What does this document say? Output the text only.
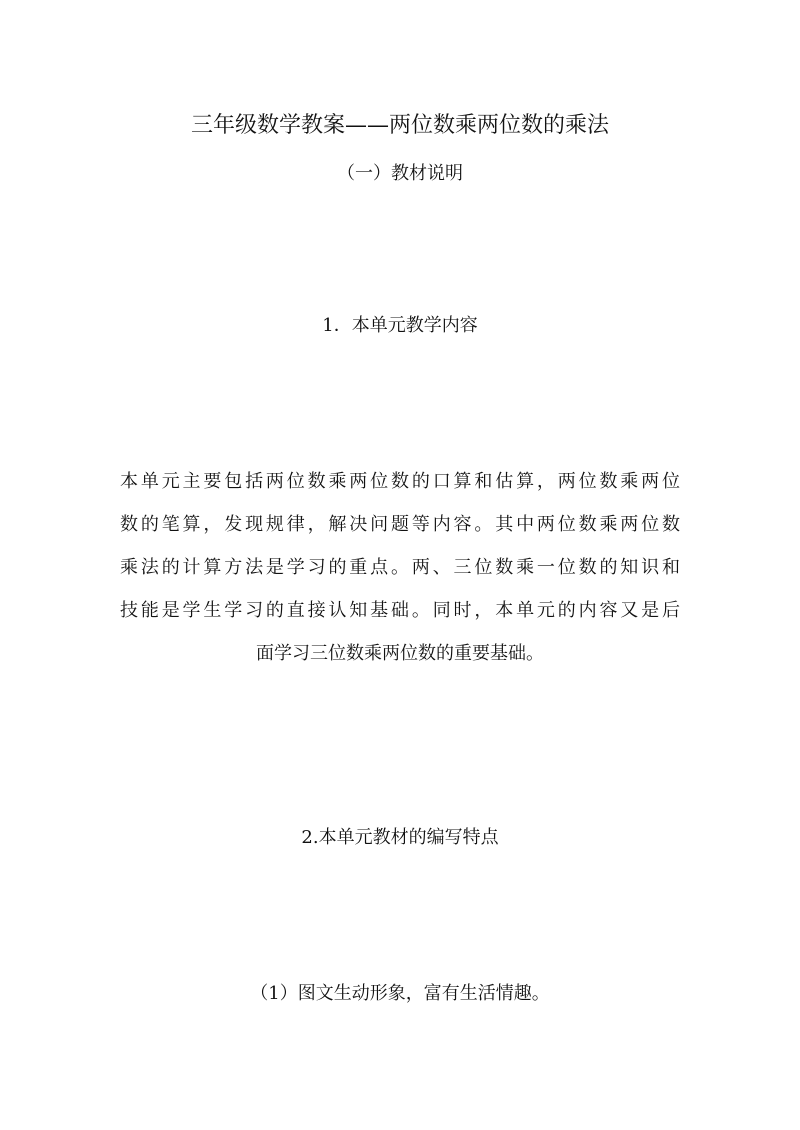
三年级数学教案——两位数乘两位数的乘法
（一）教材说明
1．本单元教学内容
本单元主要包括两位数乘两位数的口算和估算，两位数乘两位
数的笔算，发现规律，解决问题等内容。其中两位数乘两位数
乘法的计算方法是学习的重点。两、三位数乘一位数的知识和
技能是学生学习的直接认知基础。同时，本单元的内容又是后
面学习三位数乘两位数的重要基础。
2.本单元教材的编写特点
（1）图文生动形象，富有生活情趣。
